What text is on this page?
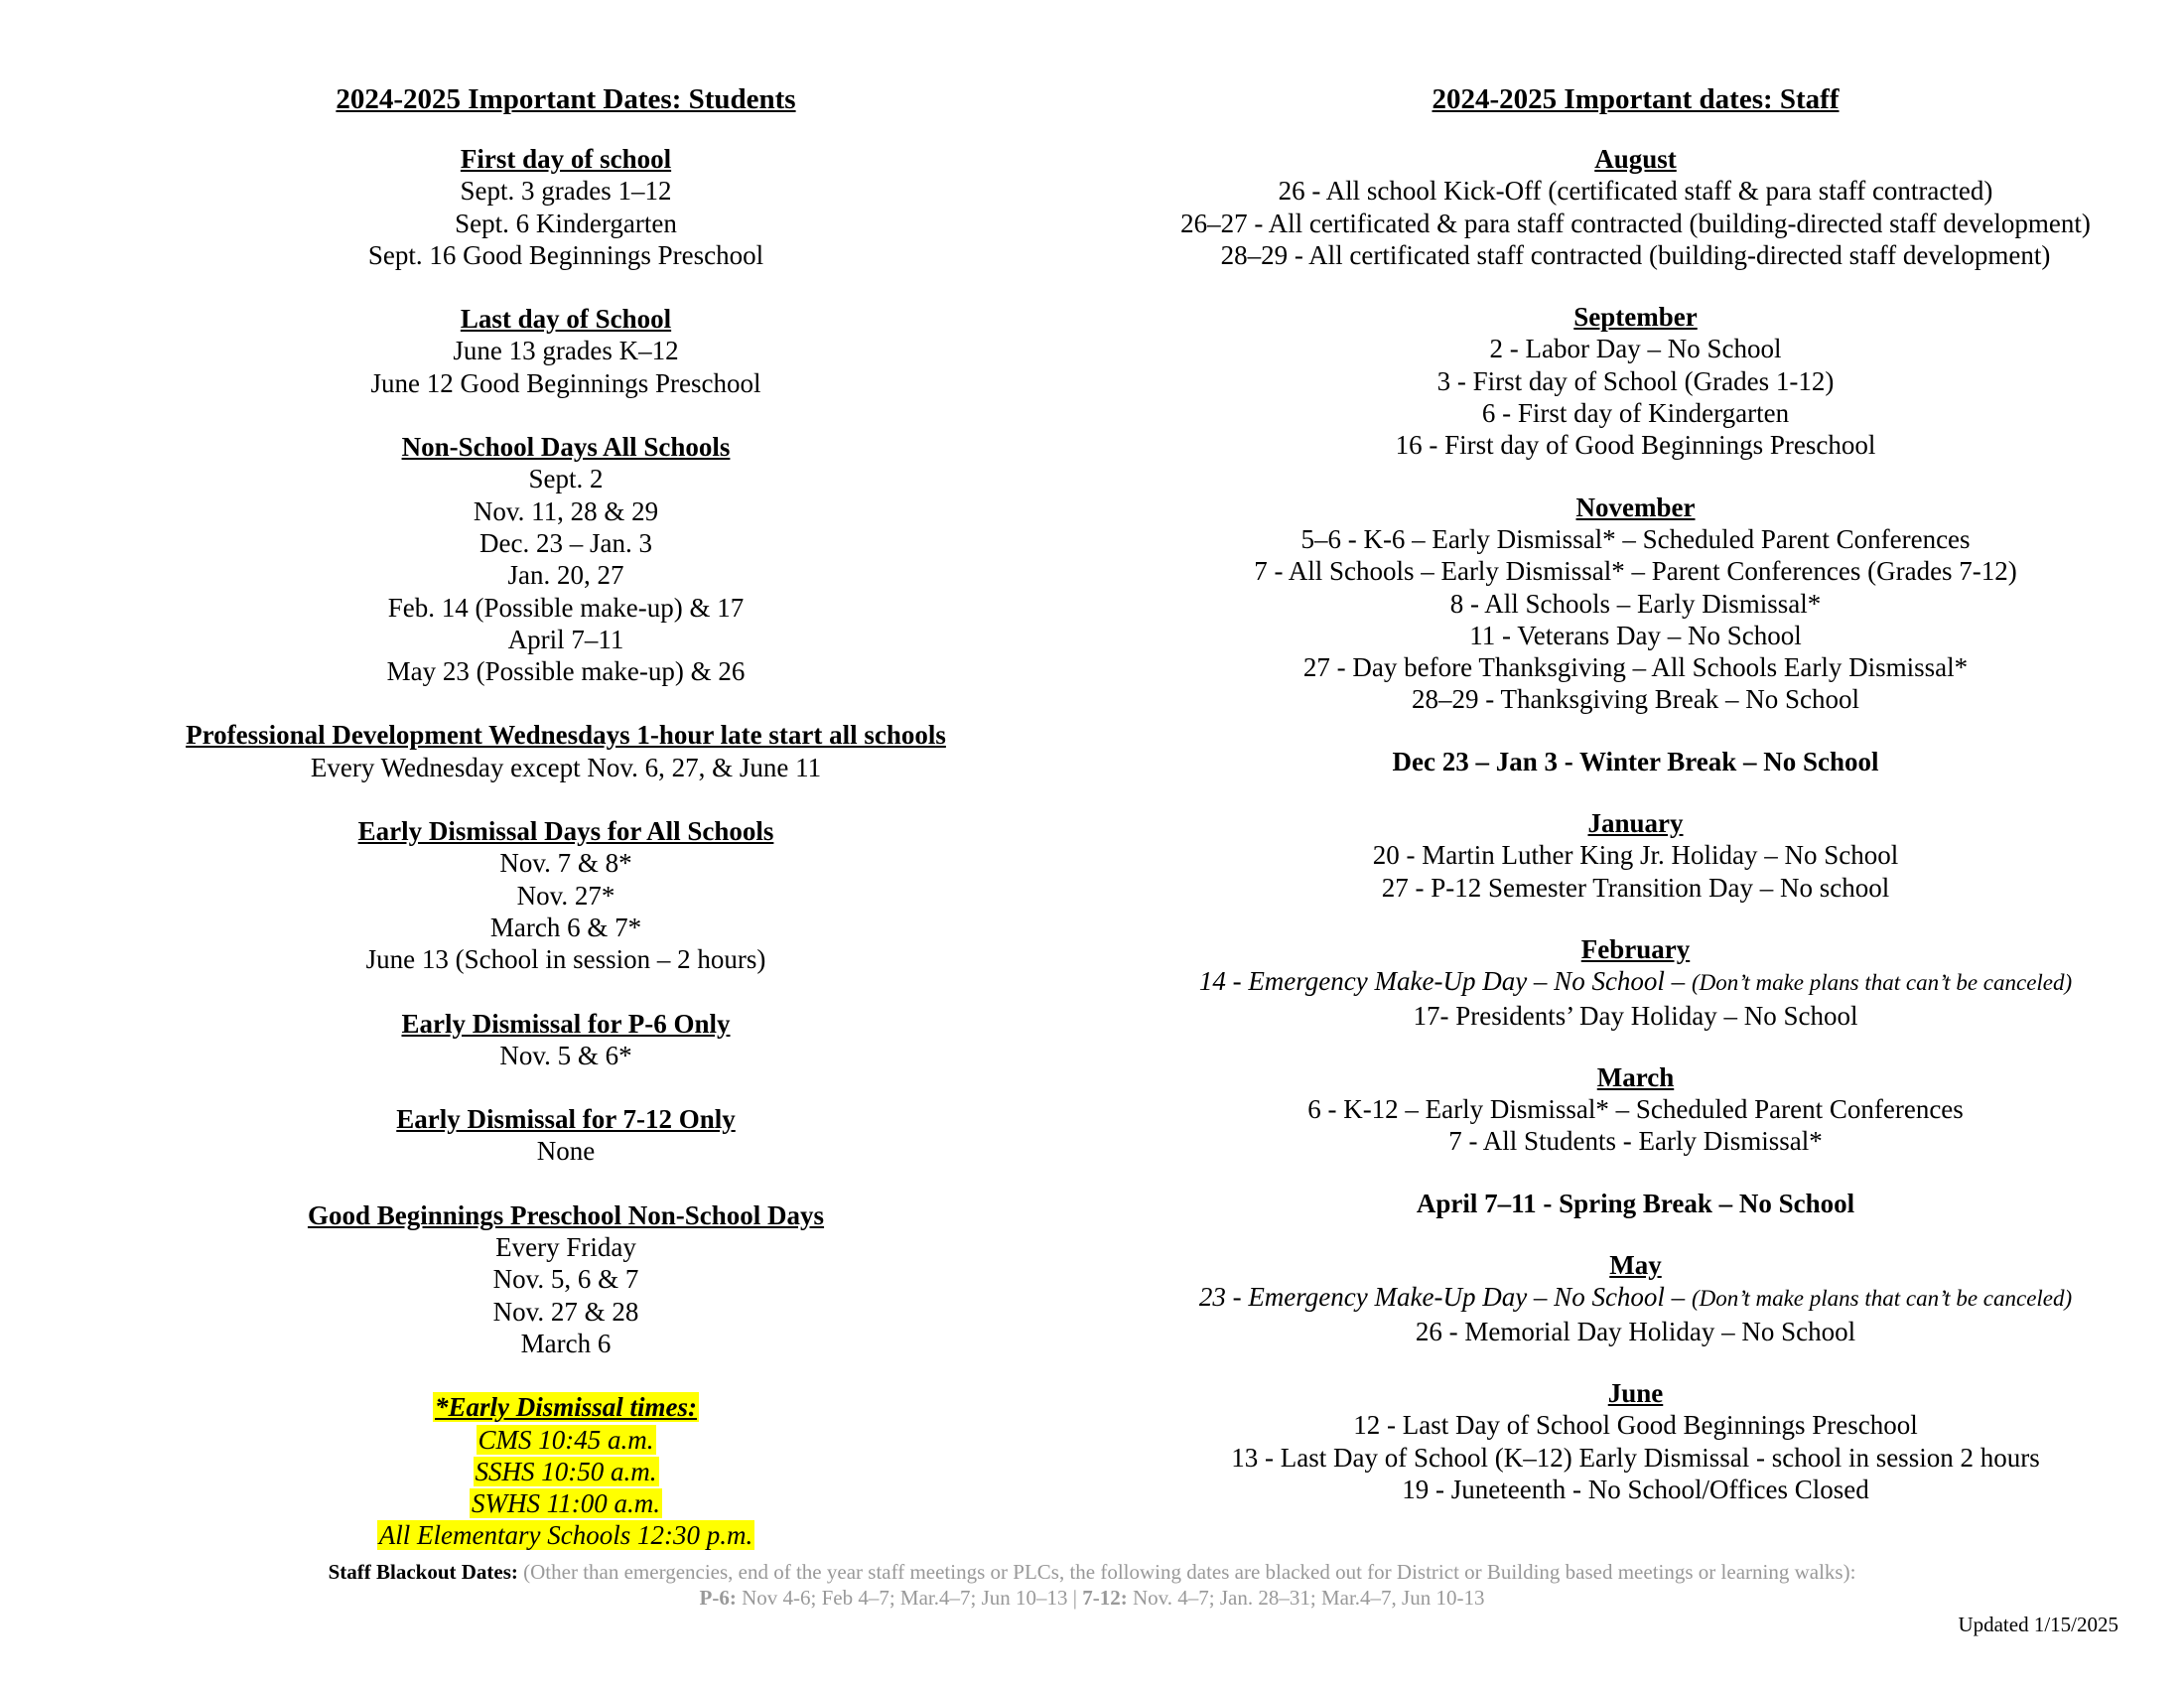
2024-2025 Important Dates: Students
First day of school
Sept. 3 grades 1–12
Sept. 6 Kindergarten
Sept. 16 Good Beginnings Preschool
Last day of School
June 13 grades K–12
June 12 Good Beginnings Preschool
Non-School Days All Schools
Sept. 2
Nov. 11, 28 & 29
Dec. 23 – Jan. 3
Jan. 20, 27
Feb. 14 (Possible make-up) & 17
April 7–11
May 23 (Possible make-up) & 26
Professional Development Wednesdays 1-hour late start all schools
Every Wednesday except Nov. 6, 27, & June 11
Early Dismissal Days for All Schools
Nov. 7 & 8*
Nov. 27*
March 6 & 7*
June 13 (School in session – 2 hours)
Early Dismissal for P-6 Only
Nov. 5 & 6*
Early Dismissal for 7-12 Only
None
Good Beginnings Preschool Non-School Days
Every Friday
Nov. 5, 6 & 7
Nov. 27 & 28
March 6
*Early Dismissal times:
CMS 10:45 a.m.
SSHS 10:50 a.m.
SWHS 11:00 a.m.
All Elementary Schools 12:30 p.m.
2024-2025 Important dates: Staff
August
26 - All school Kick-Off (certificated staff & para staff contracted)
26–27 - All certificated & para staff contracted (building-directed staff development)
28–29 - All certificated staff contracted (building-directed staff development)
September
2 - Labor Day – No School
3 - First day of School (Grades 1-12)
6 - First day of Kindergarten
16 - First day of Good Beginnings Preschool
November
5–6 - K-6 – Early Dismissal* – Scheduled Parent Conferences
7 - All Schools – Early Dismissal* – Parent Conferences (Grades 7-12)
8 - All Schools – Early Dismissal*
11 - Veterans Day – No School
27 - Day before Thanksgiving – All Schools Early Dismissal*
28–29 - Thanksgiving Break – No School
Dec 23 – Jan 3 - Winter Break – No School
January
20 - Martin Luther King Jr. Holiday – No School
27 - P-12 Semester Transition Day – No school
February
14 - Emergency Make-Up Day – No School – (Don’t make plans that can’t be canceled)
17- Presidents’ Day Holiday – No School
March
6 - K-12 – Early Dismissal* – Scheduled Parent Conferences
7 - All Students - Early Dismissal*
April 7–11 - Spring Break – No School
May
23 - Emergency Make-Up Day – No School – (Don’t make plans that can’t be canceled)
26 - Memorial Day Holiday – No School
June
12 - Last Day of School Good Beginnings Preschool
13 - Last Day of School (K–12) Early Dismissal - school in session 2 hours
19 - Juneteenth - No School/Offices Closed
Staff Blackout Dates: (Other than emergencies, end of the year staff meetings or PLCs, the following dates are blacked out for District or Building based meetings or learning walks):
P-6: Nov 4-6; Feb 4–7; Mar.4–7; Jun 10–13 | 7-12: Nov. 4–7; Jan. 28–31; Mar.4–7, Jun 10-13
Updated 1/15/2025
